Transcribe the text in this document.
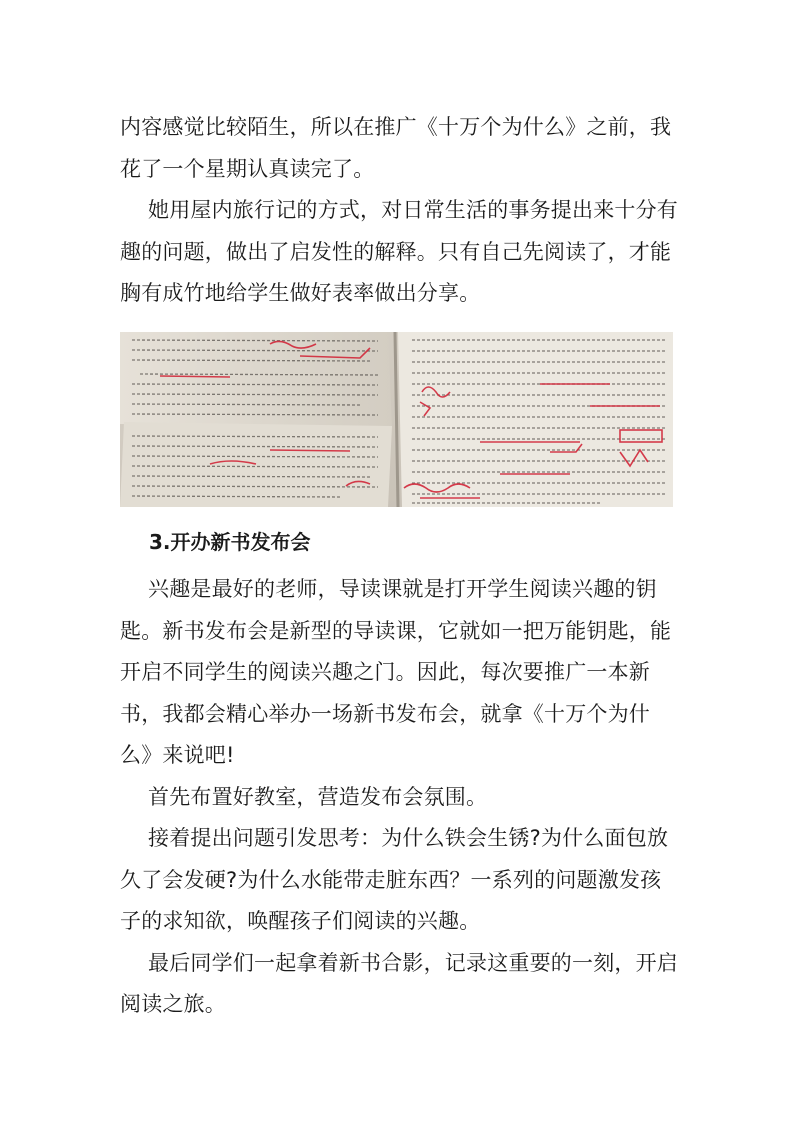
内容感觉比较陌生，所以在推广《十万个为什么》之前，我花了一个星期认真读完了。

她用屋内旅行记的方式，对日常生活的事务提出来十分有趣的问题，做出了启发性的解释。只有自己先阅读了，才能胸有成竹地给学生做好表率做出分享。

3.开办新书发布会

兴趣是最好的老师，导读课就是打开学生阅读兴趣的钥匙。新书发布会是新型的导读课，它就如一把万能钥匙，能开启不同学生的阅读兴趣之门。因此，每次要推广一本新书，我都会精心举办一场新书发布会，就拿《十万个为什么》来说吧!

首先布置好教室，营造发布会氛围。

接着提出问题引发思考：为什么铁会生锈?为什么面包放久了会发硬?为什么水能带走脏东西？一系列的问题激发孩子的求知欲，唤醒孩子们阅读的兴趣。

最后同学们一起拿着新书合影，记录这重要的一刻，开启阅读之旅。
